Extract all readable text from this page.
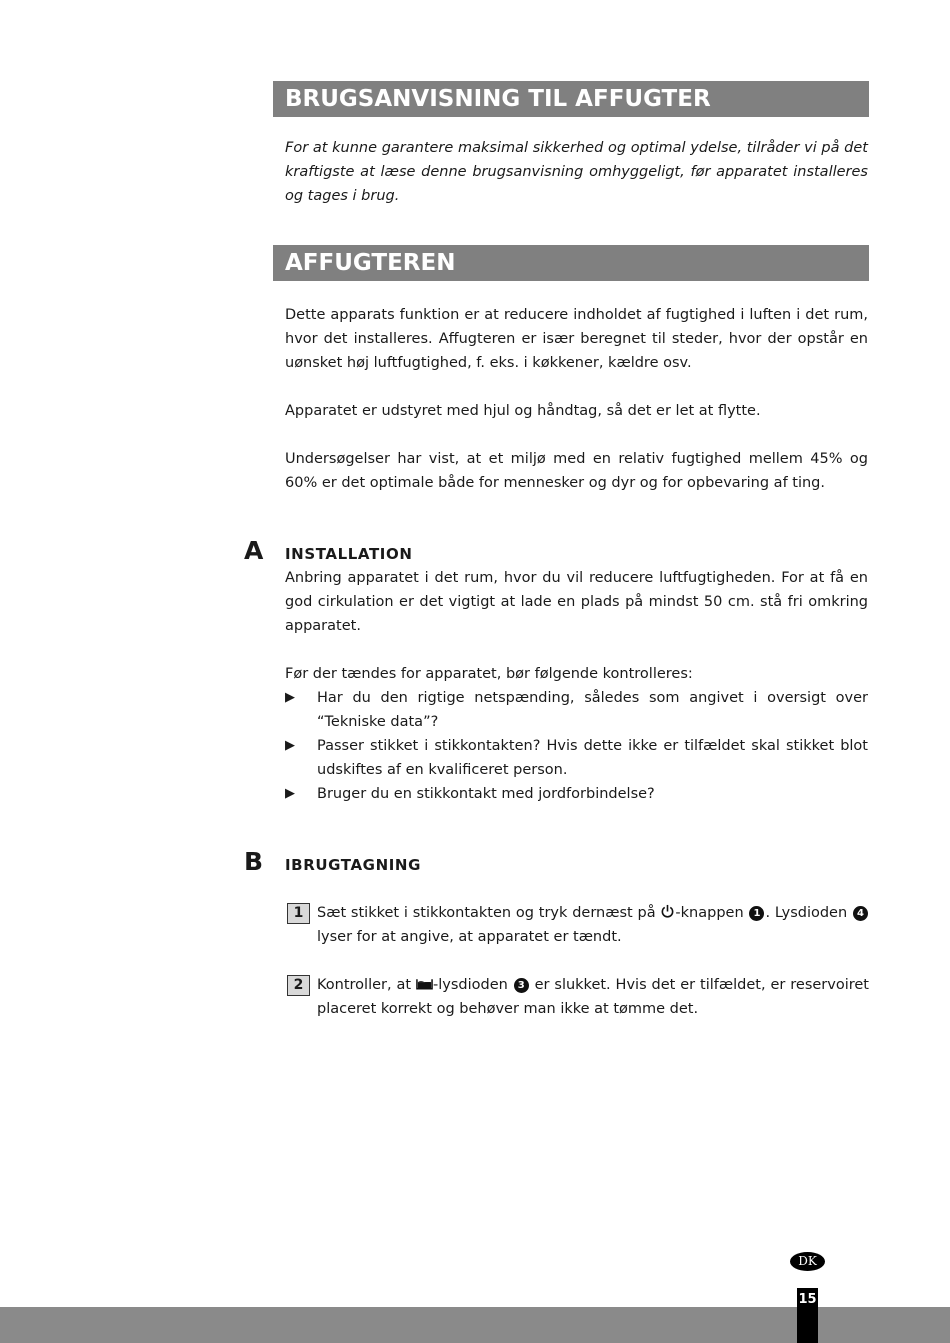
BRUGSANVISNING TIL AFFUGTER
For at kunne garantere maksimal sikkerhed og optimal ydelse, tilråder vi på det kraftigste at læse denne brugsanvisning omhyggeligt, før apparatet installeres og tages i brug.
AFFUGTEREN
Dette apparats funktion er at reducere indholdet af fugtighed i luften i det rum, hvor det installeres. Affugteren er især beregnet til steder, hvor der opstår en uønsket høj luftfugtighed, f. eks. i køkkener, kældre osv.
Apparatet er udstyret med hjul og håndtag, så det er let at flytte.
Undersøgelser har vist, at et miljø med en relativ fugtighed mellem 45% og 60% er det optimale både for mennesker og dyr og for opbevaring af ting.
A INSTALLATION
Anbring apparatet i det rum, hvor du vil reducere luftfugtigheden. For at få en god cirkulation er det vigtigt at lade en plads på mindst 50 cm. stå fri omkring apparatet.
Før der tændes for apparatet, bør følgende kontrolleres:
▶	Har du den rigtige netspænding, således som angivet i oversigt over “Tekniske data”?
▶	Passer stikket i stikkontakten? Hvis dette ikke er tilfældet skal stikket blot udskiftes af en kvalificeret person.
▶	Bruger du en stikkontakt med jordforbindelse?
B IBRUGTAGNING
1 Sæt stikket i stikkontakten og tryk dernæst på -knappen 1 . Lysdioden 4 lyser for at angive, at apparatet er tændt.
2 Kontroller, at -lysdioden 3 er slukket. Hvis det er tilfældet, er reservoiret placeret korrekt og behøver man ikke at tømme det.
DK
15
